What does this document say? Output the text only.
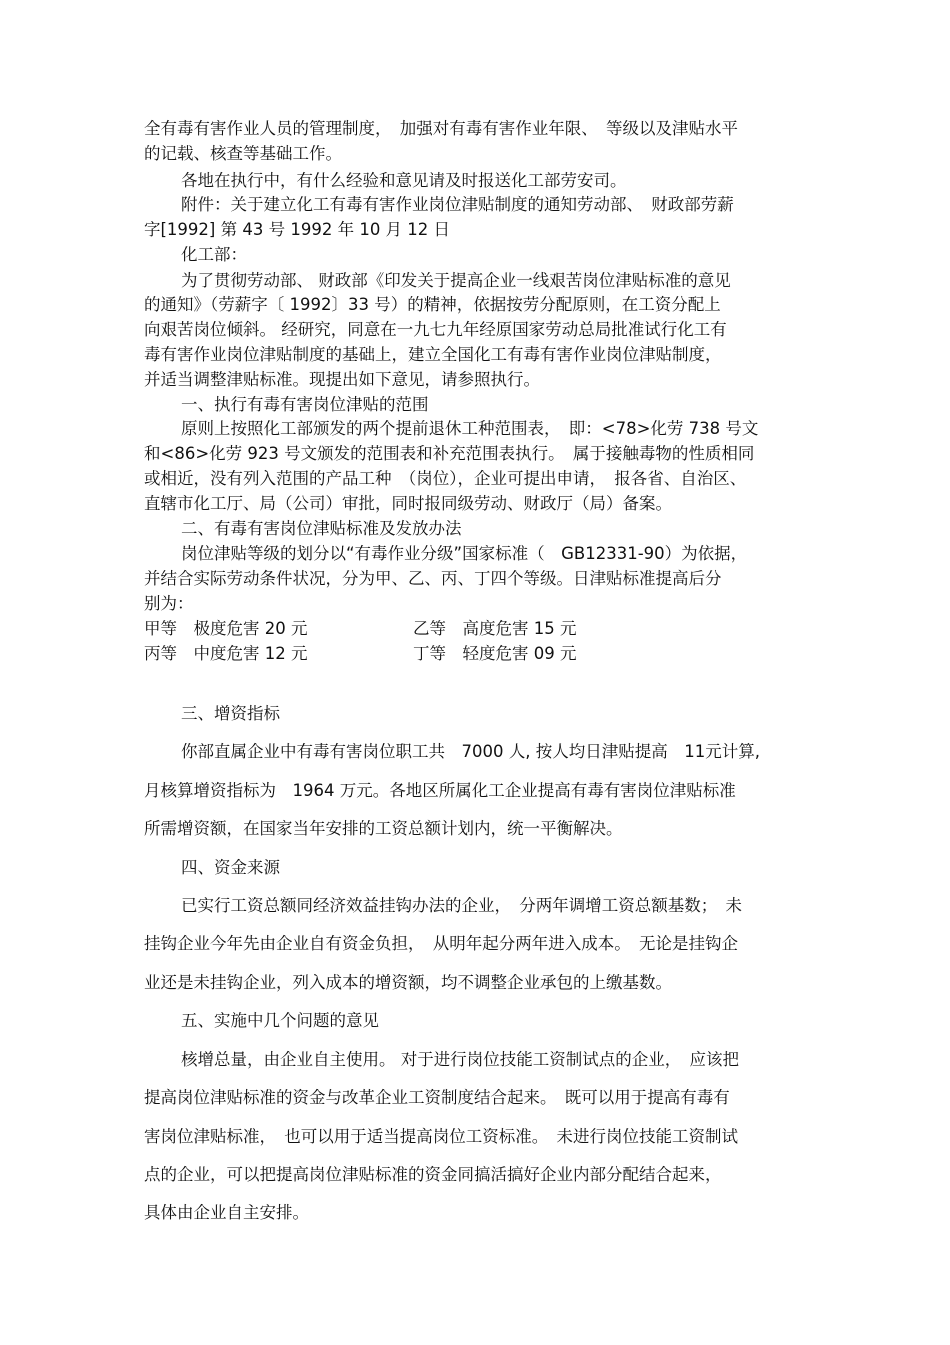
全有毒有害作业人员的管理制度，　加强对有毒有害作业年限、　等级以及津贴水平
的记载、核查等基础工作。
各地在执行中，有什么经验和意见请及时报送化工部劳安司。
附件：关于建立化工有毒有害作业岗位津贴制度的通知劳动部、　财政部劳薪
字[1992] 第 43 号 1992 年 10 月 12 日
化工部：
为了贯彻劳动部、 财政部《印发关于提高企业一线艰苦岗位津贴标准的意见
的通知》（劳薪字〔 1992〕33 号）的精神，依据按劳分配原则，在工资分配上
向艰苦岗位倾斜。 经研究，同意在一九七九年经原国家劳动总局批准试行化工有
毒有害作业岗位津贴制度的基础上，建立全国化工有毒有害作业岗位津贴制度，
并适当调整津贴标准。现提出如下意见，请参照执行。
一、执行有毒有害岗位津贴的范围
原则上按照化工部颁发的两个提前退休工种范围表，　即：<78>化劳 738 号文
和<86>化劳 923 号文颁发的范围表和补充范围表执行。　属于接触毒物的性质相同
或相近，没有列入范围的产品工种　（岗位），企业可提出申请，　报各省、自治区、
直辖市化工厅、局（公司）审批，同时报同级劳动、财政厅（局）备案。
二、有毒有害岗位津贴标准及发放办法
岗位津贴等级的划分以“有毒作业分级”国家标准（　GB12331-90）为依据，
并结合实际劳动条件状况，分为甲、乙、丙、丁四个等级。日津贴标准提高后分
别为：
甲等　极度危害 20 元	乙等　高度危害 15 元
丙等　中度危害 12 元	丁等　轻度危害 09 元
三、增资指标
你部直属企业中有毒有害岗位职工共　7000 人, 按人均日津贴提高　11元计算,
月核算增资指标为　1964 万元。各地区所属化工企业提高有毒有害岗位津贴标准
所需增资额，在国家当年安排的工资总额计划内，统一平衡解决。
四、资金来源
已实行工资总额同经济效益挂钩办法的企业，　分两年调增工资总额基数；　未
挂钩企业今年先由企业自有资金负担，　从明年起分两年进入成本。　无论是挂钩企
业还是未挂钩企业，列入成本的增资额，均不调整企业承包的上缴基数。
五、实施中几个问题的意见
核增总量，由企业自主使用。 对于进行岗位技能工资制试点的企业，　应该把
提高岗位津贴标准的资金与改革企业工资制度结合起来。　既可以用于提高有毒有
害岗位津贴标准，　也可以用于适当提高岗位工资标准。　未进行岗位技能工资制试
点的企业，可以把提高岗位津贴标准的资金同搞活搞好企业内部分配结合起来，
具体由企业自主安排。
